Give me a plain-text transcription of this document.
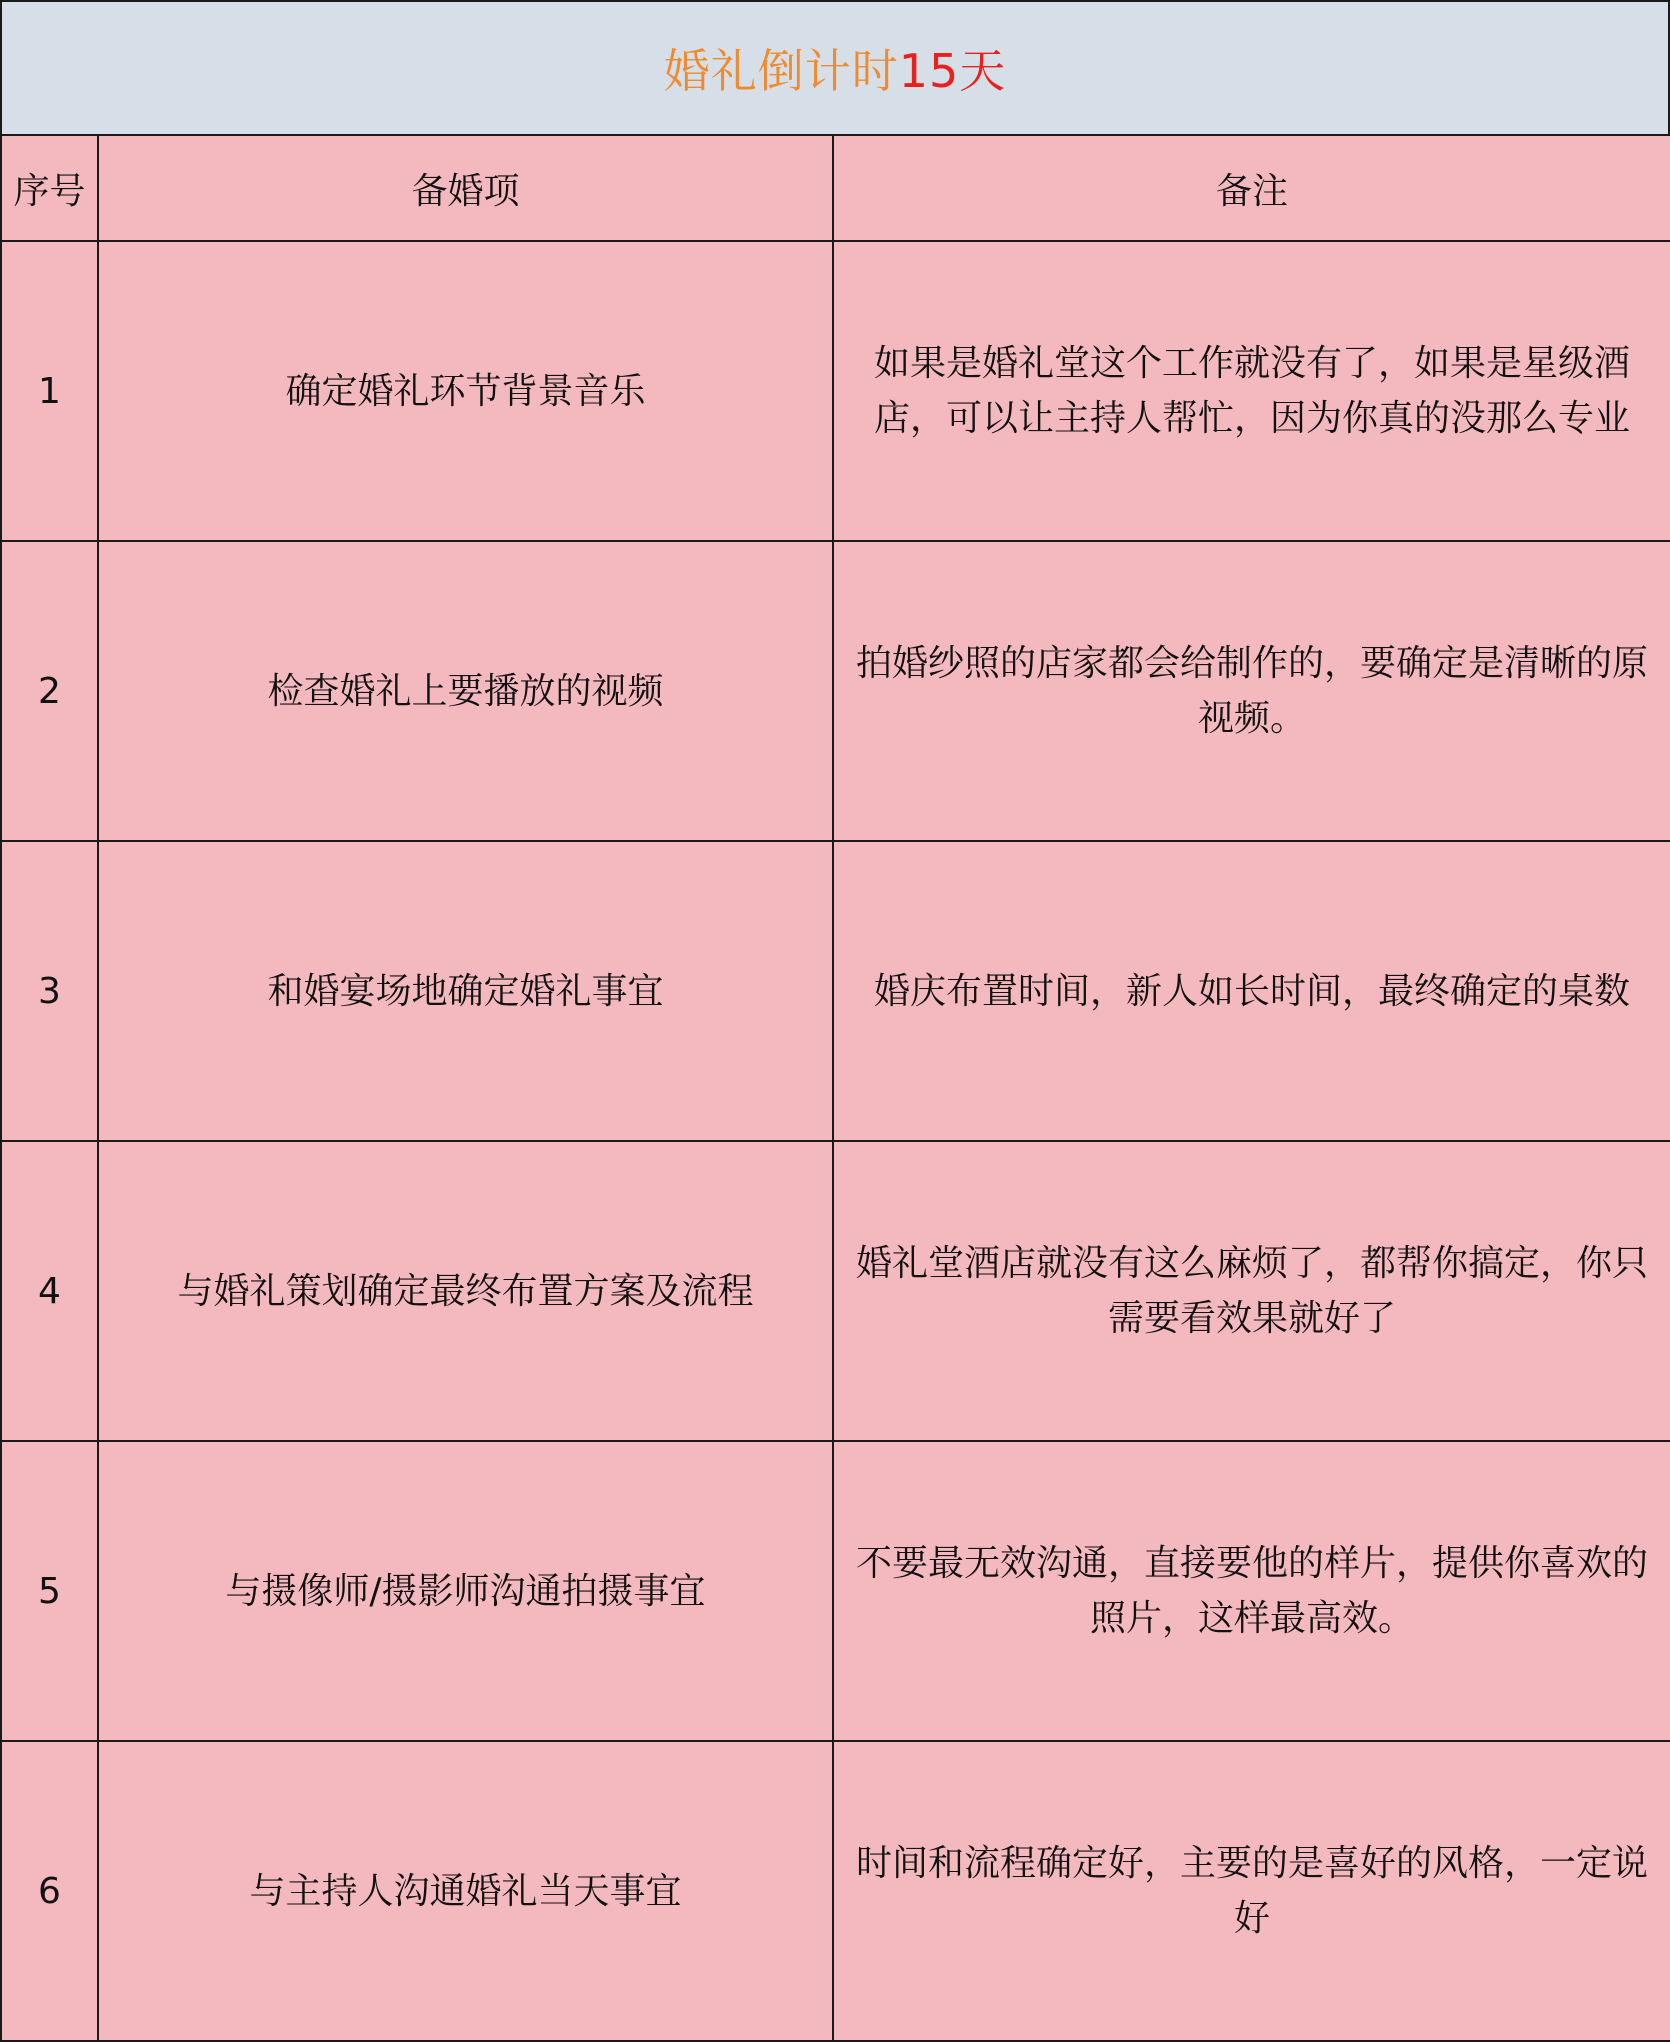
婚礼倒计时 15天
序号	备婚项	备注
1	确定婚礼环节背景音乐	如果是婚礼堂这个工作就没有了，如果是星级酒店，可以让主持人帮忙，因为你真的没那么专业
2	检查婚礼上要播放的视频	拍婚纱照的店家都会给制作的，要确定是清晰的原视频。
3	和婚宴场地确定婚礼事宜	婚庆布置时间，新人如长时间，最终确定的桌数
4	与婚礼策划确定最终布置方案及流程	婚礼堂酒店就没有这么麻烦了，都帮你搞定，你只需要看效果就好了
5	与摄像师/摄影师沟通拍摄事宜	不要最无效沟通，直接要他的样片，提供你喜欢的照片，这样最高效。
6	与主持人沟通婚礼当天事宜	时间和流程确定好，主要的是喜好的风格，一定说好
